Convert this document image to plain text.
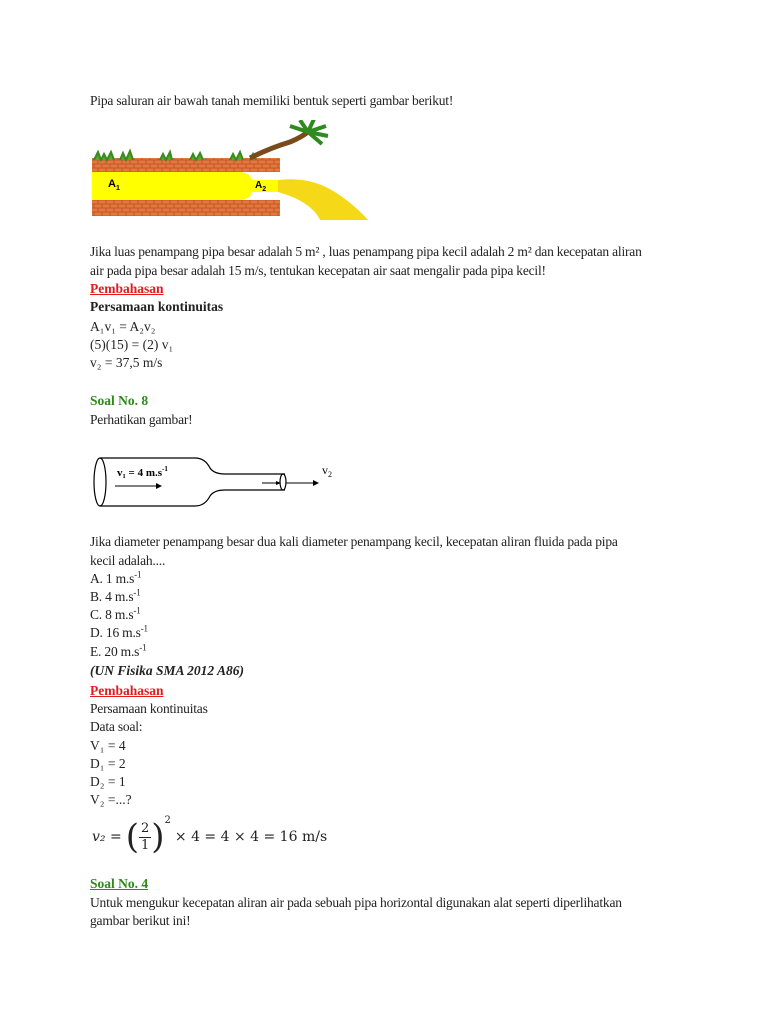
Pipa saluran air bawah tanah memiliki bentuk seperti gambar berikut!
$A_1$	$A_2$
Jika luas penampang pipa besar adalah 5 m² , luas penampang pipa kecil adalah 2 m² dan kecepatan aliran
air pada pipa besar adalah 15 m/s, tentukan kecepatan air saat mengalir pada pipa kecil!
Pembahasan
Persamaan kontinuitas
A₁v₁ = A₂v₂
(5)(15) = (2) v₁
v₂ = 37,5 m/s
Soal No. 8
Perhatikan gambar!
v₁ = 4 $m.s^{-1}$	$v_2$
Jika diameter penampang besar dua kali diameter penampang kecil, kecepatan aliran fluida pada pipa
kecil adalah....
A. 1 $m.s^{-1}$
B. 4 $m.s^{-1}$
C. 8 $m.s^{-1}$
D. 16 $m.s^{-1}$
E. 20 $m.s^{-1}$
(UN Fisika SMA 2012 A86)
Pembahasan
Persamaan kontinuitas
Data soal:
V₁ = 4
D₁ = 2
D₂ = 1
V₂ =...?
v₂ = ( $\frac{2}{1}$ ) 2
× 4 = 4 × 4 = 16 m/s
Soal No. 4
Untuk mengukur kecepatan aliran air pada sebuah pipa horizontal digunakan alat seperti diperlihatkan
gambar berikut ini!
